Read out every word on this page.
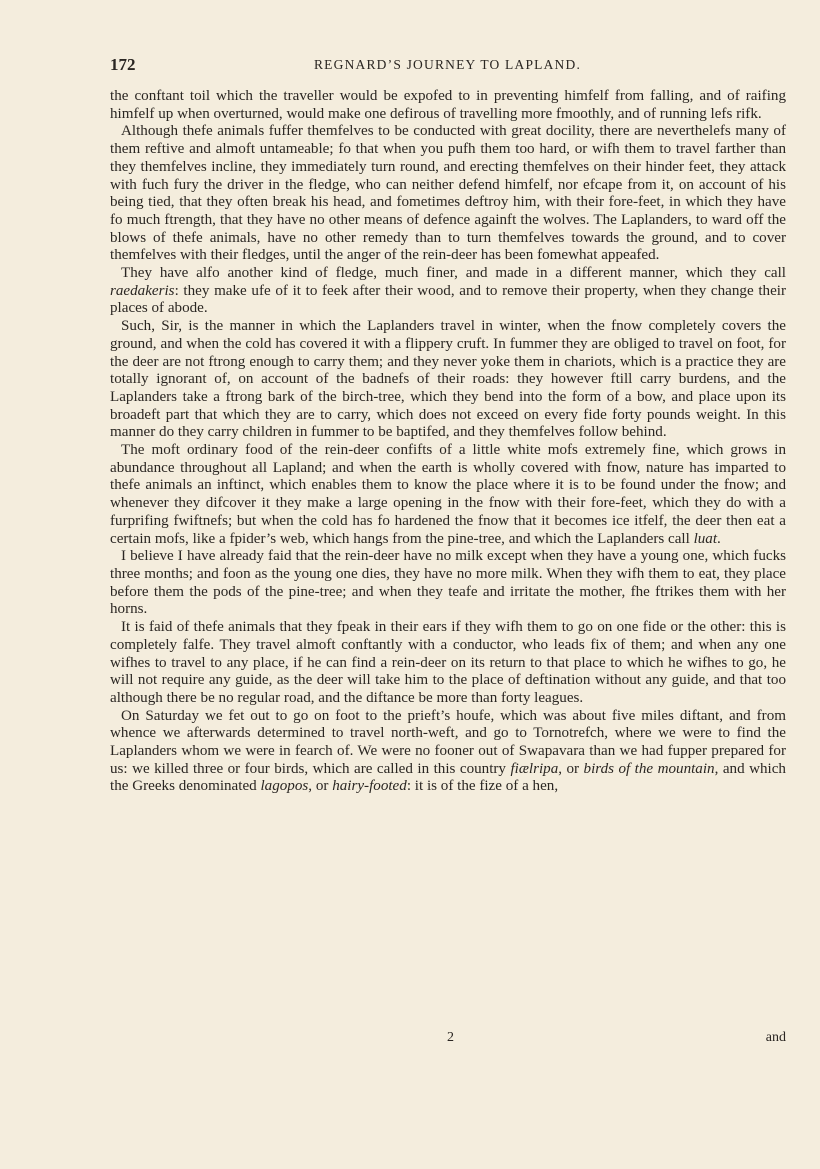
172	REGNARD’S JOURNEY TO LAPLAND.

the conftant toil which the traveller would be expofed to in preventing himfelf from falling, and of raifing himfelf up when overturned, would make one defirous of travelling more fmoothly, and of running lefs rifk.

Although thefe animals fuffer themfelves to be conducted with great docility, there are neverthelefs many of them reftive and almoft untameable; fo that when you pufh them too hard, or wifh them to travel farther than they themfelves incline, they immediately turn round, and erecting themfelves on their hinder feet, they attack with fuch fury the driver in the fledge, who can neither defend himfelf, nor efcape from it, on account of his being tied, that they often break his head, and fometimes deftroy him, with their fore-feet, in which they have fo much ftrength, that they have no other means of defence againft the wolves. The Laplanders, to ward off the blows of thefe animals, have no other remedy than to turn themfelves towards the ground, and to cover themfelves with their fledges, until the anger of the rein-deer has been fomewhat appeafed.

They have alfo another kind of fledge, much finer, and made in a different manner, which they call raedakeris: they make ufe of it to feek after their wood, and to remove their property, when they change their places of abode.

Such, Sir, is the manner in which the Laplanders travel in winter, when the fnow completely covers the ground, and when the cold has covered it with a flippery cruft. In fummer they are obliged to travel on foot, for the deer are not ftrong enough to carry them; and they never yoke them in chariots, which is a practice they are totally ignorant of, on account of the badnefs of their roads: they however ftill carry burdens, and the Laplanders take a ftrong bark of the birch-tree, which they bend into the form of a bow, and place upon its broadeft part that which they are to carry, which does not exceed on every fide forty pounds weight. In this manner do they carry children in fummer to be baptifed, and they themfelves follow behind.

The moft ordinary food of the rein-deer confifts of a little white mofs extremely fine, which grows in abundance throughout all Lapland; and when the earth is wholly covered with fnow, nature has imparted to thefe animals an inftinct, which enables them to know the place where it is to be found under the fnow; and whenever they difcover it they make a large opening in the fnow with their fore-feet, which they do with a furprifing fwiftnefs; but when the cold has fo hardened the fnow that it becomes ice itfelf, the deer then eat a certain mofs, like a fpider’s web, which hangs from the pine-tree, and which the Laplanders call luat.

I believe I have already faid that the rein-deer have no milk except when they have a young one, which fucks three months; and foon as the young one dies, they have no more milk. When they wifh them to eat, they place before them the pods of the pine-tree; and when they teafe and irritate the mother, fhe ftrikes them with her horns.

It is faid of thefe animals that they fpeak in their ears if they wifh them to go on one fide or the other: this is completely falfe. They travel almoft conftantly with a conductor, who leads fix of them; and when any one wifhes to travel to any place, if he can find a rein-deer on its return to that place to which he wifhes to go, he will not require any guide, as the deer will take him to the place of deftination without any guide, and that too although there be no regular road, and the diftance be more than forty leagues.

On Saturday we fet out to go on foot to the prieft’s houfe, which was about five miles diftant, and from whence we afterwards determined to travel north-weft, and go to Tornotrefch, where we were to find the Laplanders whom we were in fearch of. We were no fooner out of Swapavara than we had fupper prepared for us: we killed three or four birds, which are called in this country fiælripa, or birds of the mountain, and which the Greeks denominated lagopos, or hairy-footed: it is of the fize of a hen,

2	and
